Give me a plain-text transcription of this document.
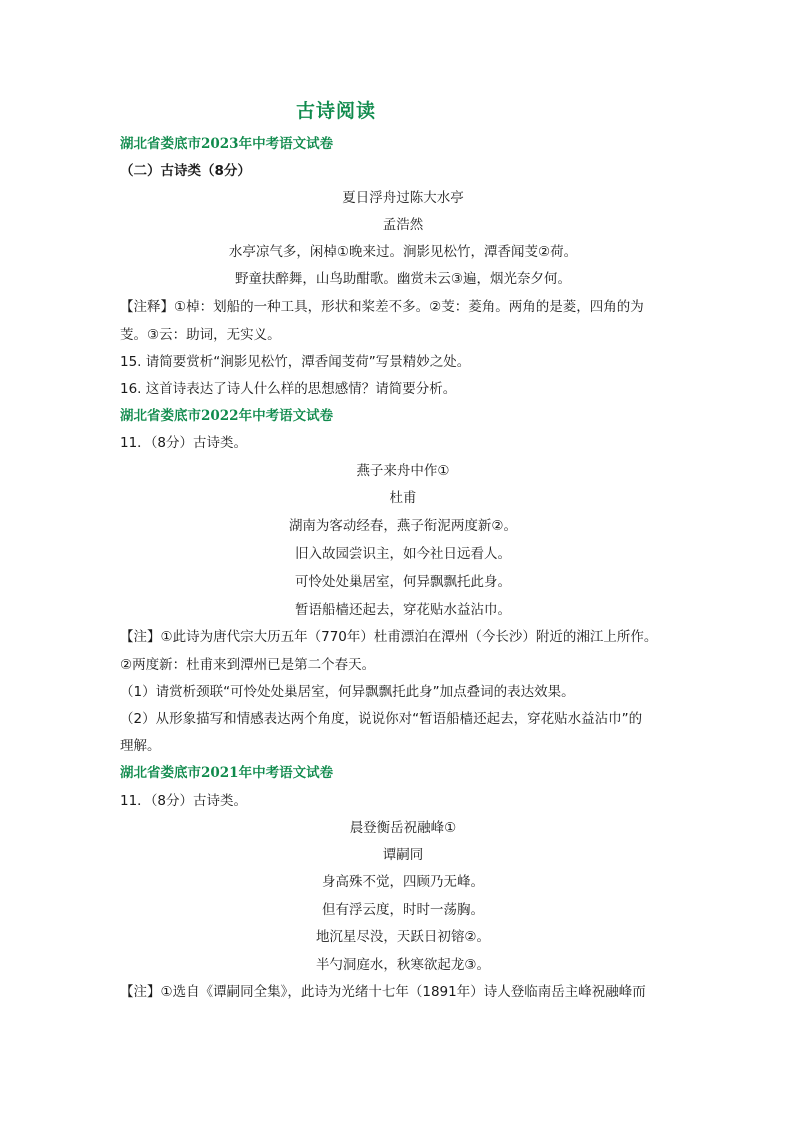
古诗阅读
湖北省娄底市2023年中考语文试卷
（二）古诗类（8分）
夏日浮舟过陈大水亭
孟浩然
水亭凉气多，闲棹①晚来过。涧影见松竹，潭香闻芰②荷。
野童扶醉舞，山鸟助酣歌。幽赏未云③遍，烟光奈夕何。
【注释】①棹：划船的一种工具，形状和桨差不多。②芰：菱角。两角的是菱，四角的为
芰。③云：助词，无实义。
15. 请简要赏析“涧影见松竹，潭香闻芰荷”写景精妙之处。
16. 这首诗表达了诗人什么样的思想感情？请简要分析。
湖北省娄底市2022年中考语文试卷
11．（8分）古诗类。
燕子来舟中作①
杜甫
湖南为客动经春，燕子衔泥两度新②。
旧入故园尝识主，如今社日远看人。
可怜处处巢居室，何异飘飘托此身。
暂语船樯还起去，穿花贴水益沾巾。
【注】①此诗为唐代宗大历五年（770年）杜甫漂泊在潭州（今长沙）附近的湘江上所作。
②两度新：杜甫来到潭州已是第二个春天。
（1）请赏析颈联“可怜处处巢居室，何异飘飘托此身”加点叠词的表达效果。
（2）从形象描写和情感表达两个角度，说说你对“暂语船樯还起去，穿花贴水益沾巾”的
理解。
湖北省娄底市2021年中考语文试卷
11．（8分）古诗类。
晨登衡岳祝融峰①
谭嗣同
身高殊不觉，四顾乃无峰。
但有浮云度，时时一荡胸。
地沉星尽没，天跃日初镕②。
半勺洞庭水，秋寒欲起龙③。
【注】①选自《谭嗣同全集》，此诗为光绪十七年（1891年）诗人登临南岳主峰祝融峰而
